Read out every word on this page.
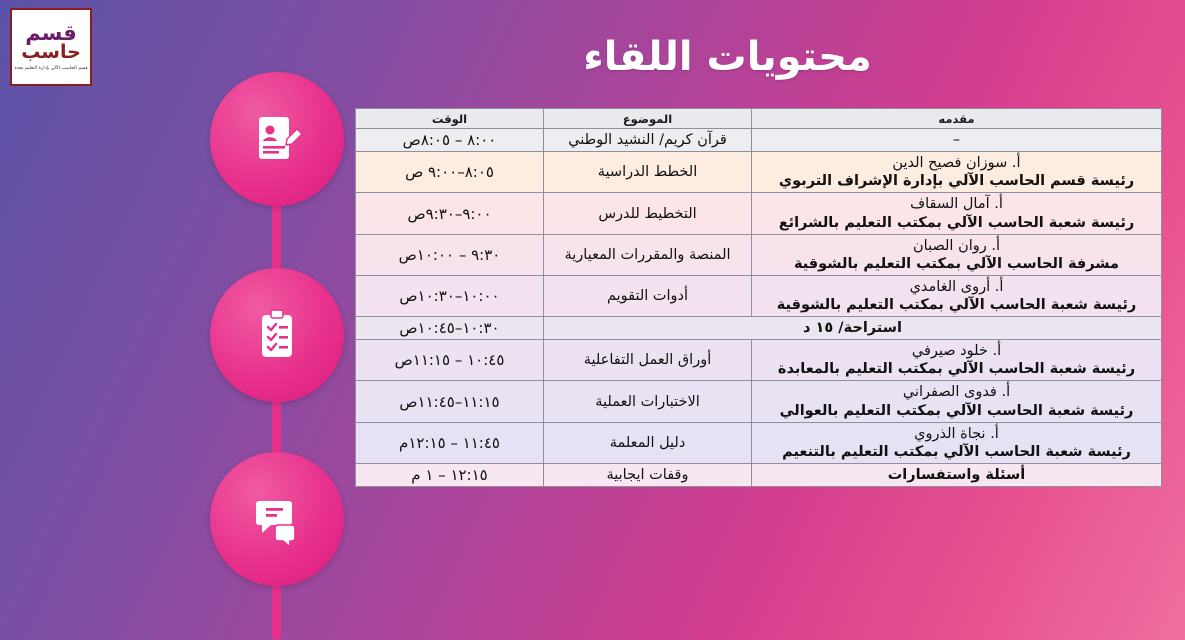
قسم
حاسب
قسم الحاسب الآلي بإدارة التعليم بجدة	محتويات اللقاء
مقدمه	الموضوع	الوقت

–	قرآن كريم/ النشيد الوطني	٨:٠٠ – ٨:٠٥ص

أ. سوزان فصيح الدين
رئيسة قسم الحاسب الآلي بإدارة الإشراف التربوي	الخطط الدراسية	٨:٠٥–٩:٠٠ ص

أ. آمال السقاف
رئيسة شعبة الحاسب الآلي بمكتب التعليم بالشرائع	التخطيط للدرس	٩:٠٠–٩:٣٠ص

أ. روان الصبان
مشرفة الحاسب الآلي بمكتب التعليم بالشوقية	المنصة والمقررات المعيارية	٩:٣٠ – ١٠:٠٠ص

أ. أروى الغامدي
رئيسة شعبة الحاسب الآلي بمكتب التعليم بالشوقية	أدوات التقويم	١٠:٠٠–١٠:٣٠ص
استراحة/ ١٥ د		١٠:٣٠–١٠:٤٥ص

أ. خلود صيرفي
رئيسة شعبة الحاسب الآلي بمكتب التعليم بالمعابدة	أوراق العمل التفاعلية	١٠:٤٥ – ١١:١٥ص

أ. فدوى الصفراني
رئيسة شعبة الحاسب الآلي بمكتب التعليم بالعوالي	الاختبارات العملية	١١:١٥–١١:٤٥ص

أ. نجاة الذروي
رئيسة شعبة الحاسب الآلي بمكتب التعليم بالتنعيم	دليل المعلمة	١١:٤٥ – ١٢:١٥م
أسئلة واستفسارات	وقفات ايجابية	١٢:١٥ – ١ م
